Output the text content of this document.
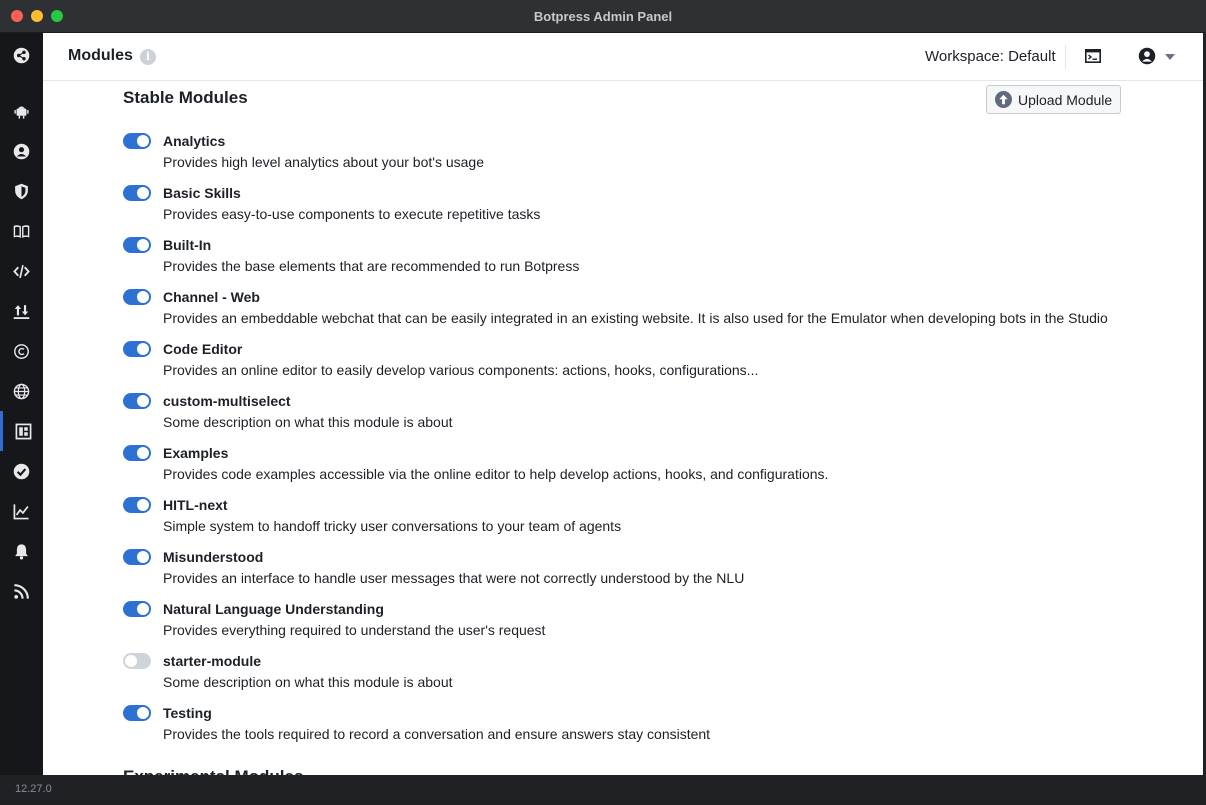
Botpress Admin Panel
Modules	i	Workspace: Default
Stable Modules	Upload Module
Analytics
Provides high level analytics about your bot's usage
Basic Skills
Provides easy-to-use components to execute repetitive tasks
Built-In
Provides the base elements that are recommended to run Botpress
Channel - Web
Provides an embeddable webchat that can be easily integrated in an existing website. It is also used for the Emulator when developing bots in the Studio
Code Editor
Provides an online editor to easily develop various components: actions, hooks, configurations...
custom-multiselect
Some description on what this module is about
Examples
Provides code examples accessible via the online editor to help develop actions, hooks, and configurations.
HITL-next
Simple system to handoff tricky user conversations to your team of agents
Misunderstood
Provides an interface to handle user messages that were not correctly understood by the NLU
Natural Language Understanding
Provides everything required to understand the user's request
starter-module
Some description on what this module is about
Testing
Provides the tools required to record a conversation and ensure answers stay consistent
12.27.0
